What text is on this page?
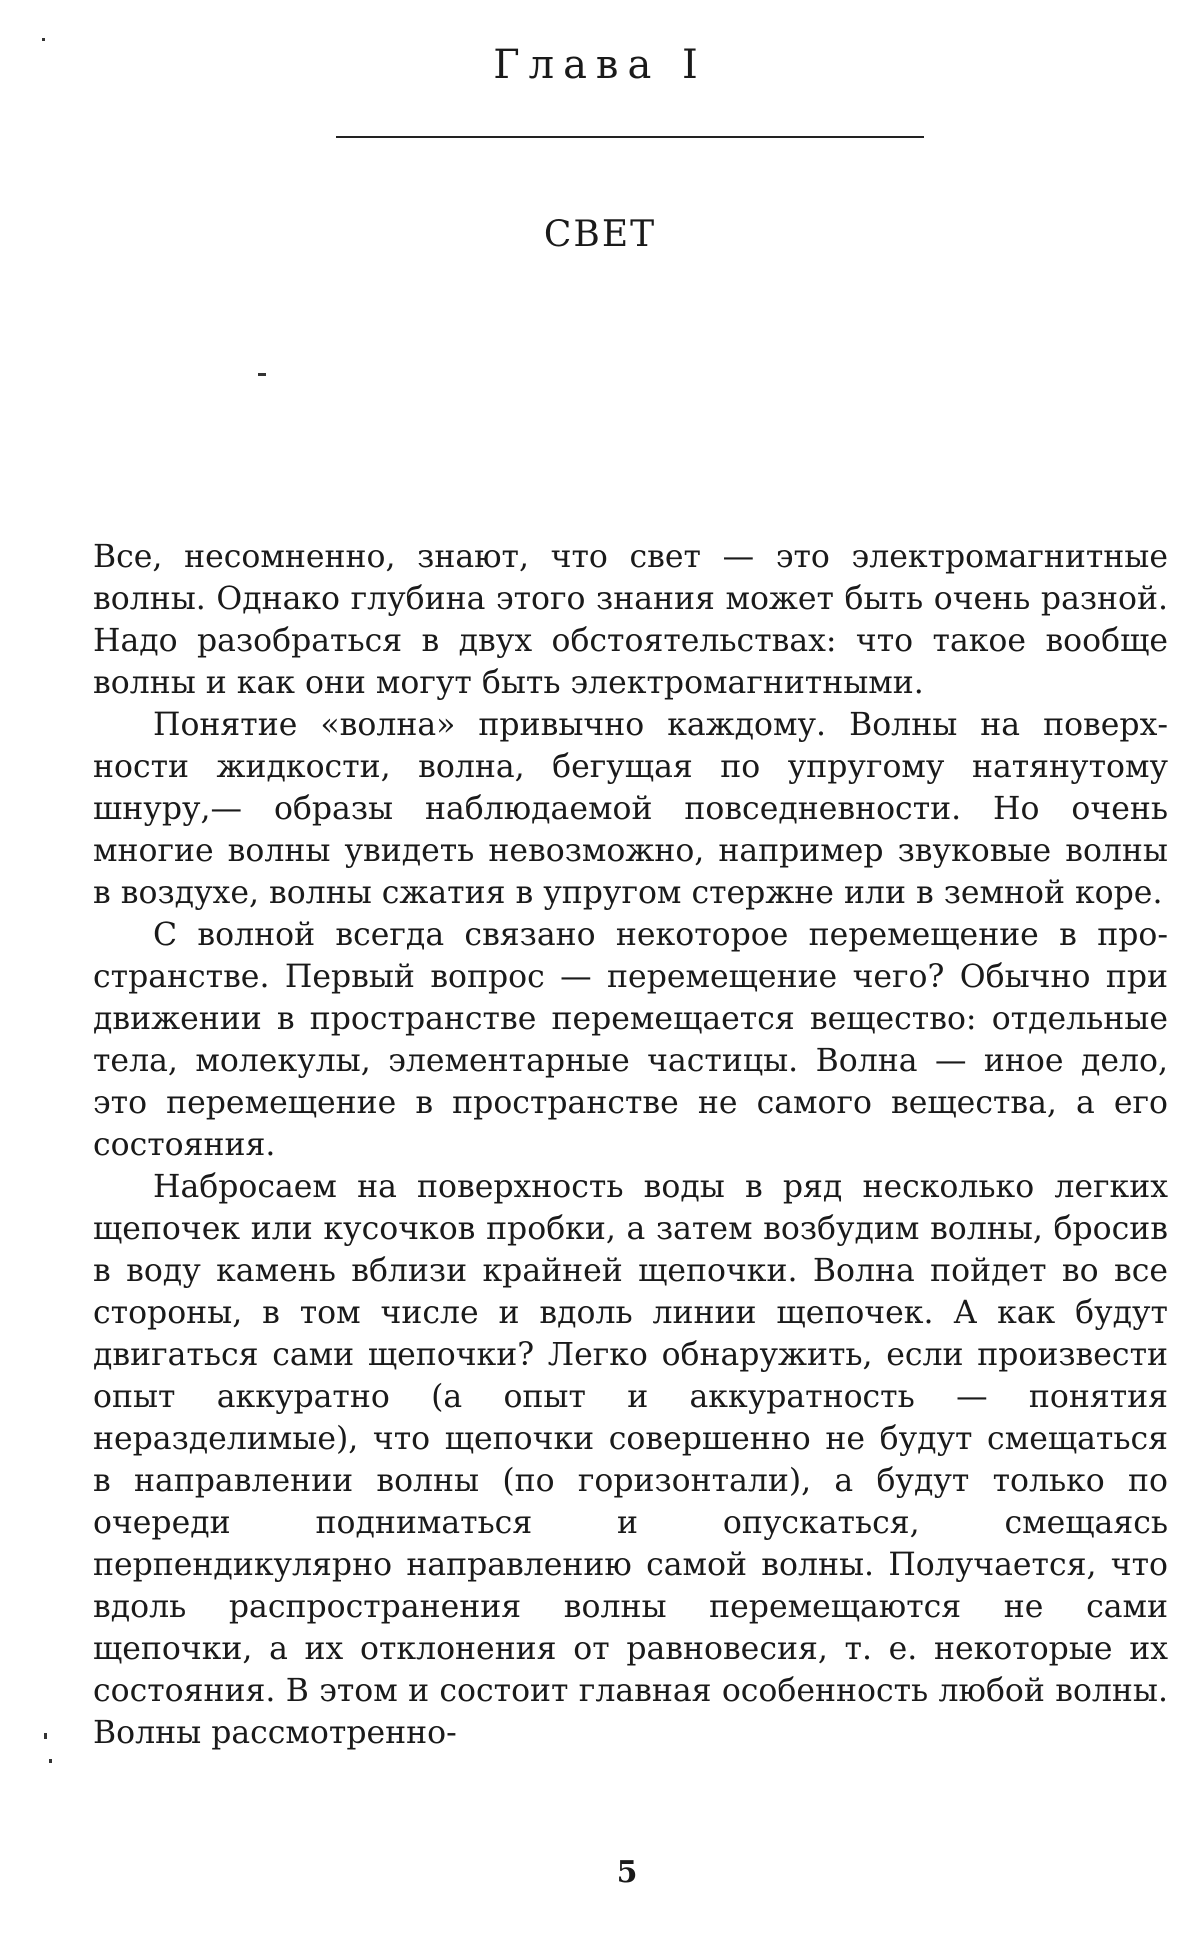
Глава I
СВЕТ

Все, несомненно, знают, что свет — это электромагнитные волны. Однако глубина этого знания может быть очень разной. Надо разобраться в двух обстоятельствах: что такое вообще волны и как они могут быть электромагнитными.

Понятие «волна» привычно каждому. Волны на поверхности жидкости, волна, бегущая по упругому натянутому шнуру,— образы наблюдаемой повседневности. Но очень многие волны увидеть невозможно, например звуковые волны в воздухе, волны сжатия в упругом стержне или в земной коре.

С волной всегда связано некоторое перемещение в пространстве. Первый вопрос — перемещение чего? Обычно при движении в пространстве перемещается вещество: отдельные тела, молекулы, элементарные частицы. Волна — иное дело, это перемещение в пространстве не самого вещества, а его состояния.

Набросаем на поверхность воды в ряд несколько легких щепочек или кусочков пробки, а затем возбудим волны, бросив в воду камень вблизи крайней щепочки. Волна пойдет во все стороны, в том числе и вдоль линии щепочек. А как будут двигаться сами щепочки? Легко обнаружить, если произвести опыт аккуратно (а опыт и аккуратность — понятия неразделимые), что щепочки совершенно не будут смещаться в направлении волны (по горизонтали), а будут только по очереди подниматься и опускаться, смещаясь перпендикулярно направлению самой волны. Получается, что вдоль распространения волны перемещаются не сами щепочки, а их отклонения от равновесия, т. е. некоторые их состояния. В этом и состоит главная особенность любой волны. Волны рассмотренно-

5
